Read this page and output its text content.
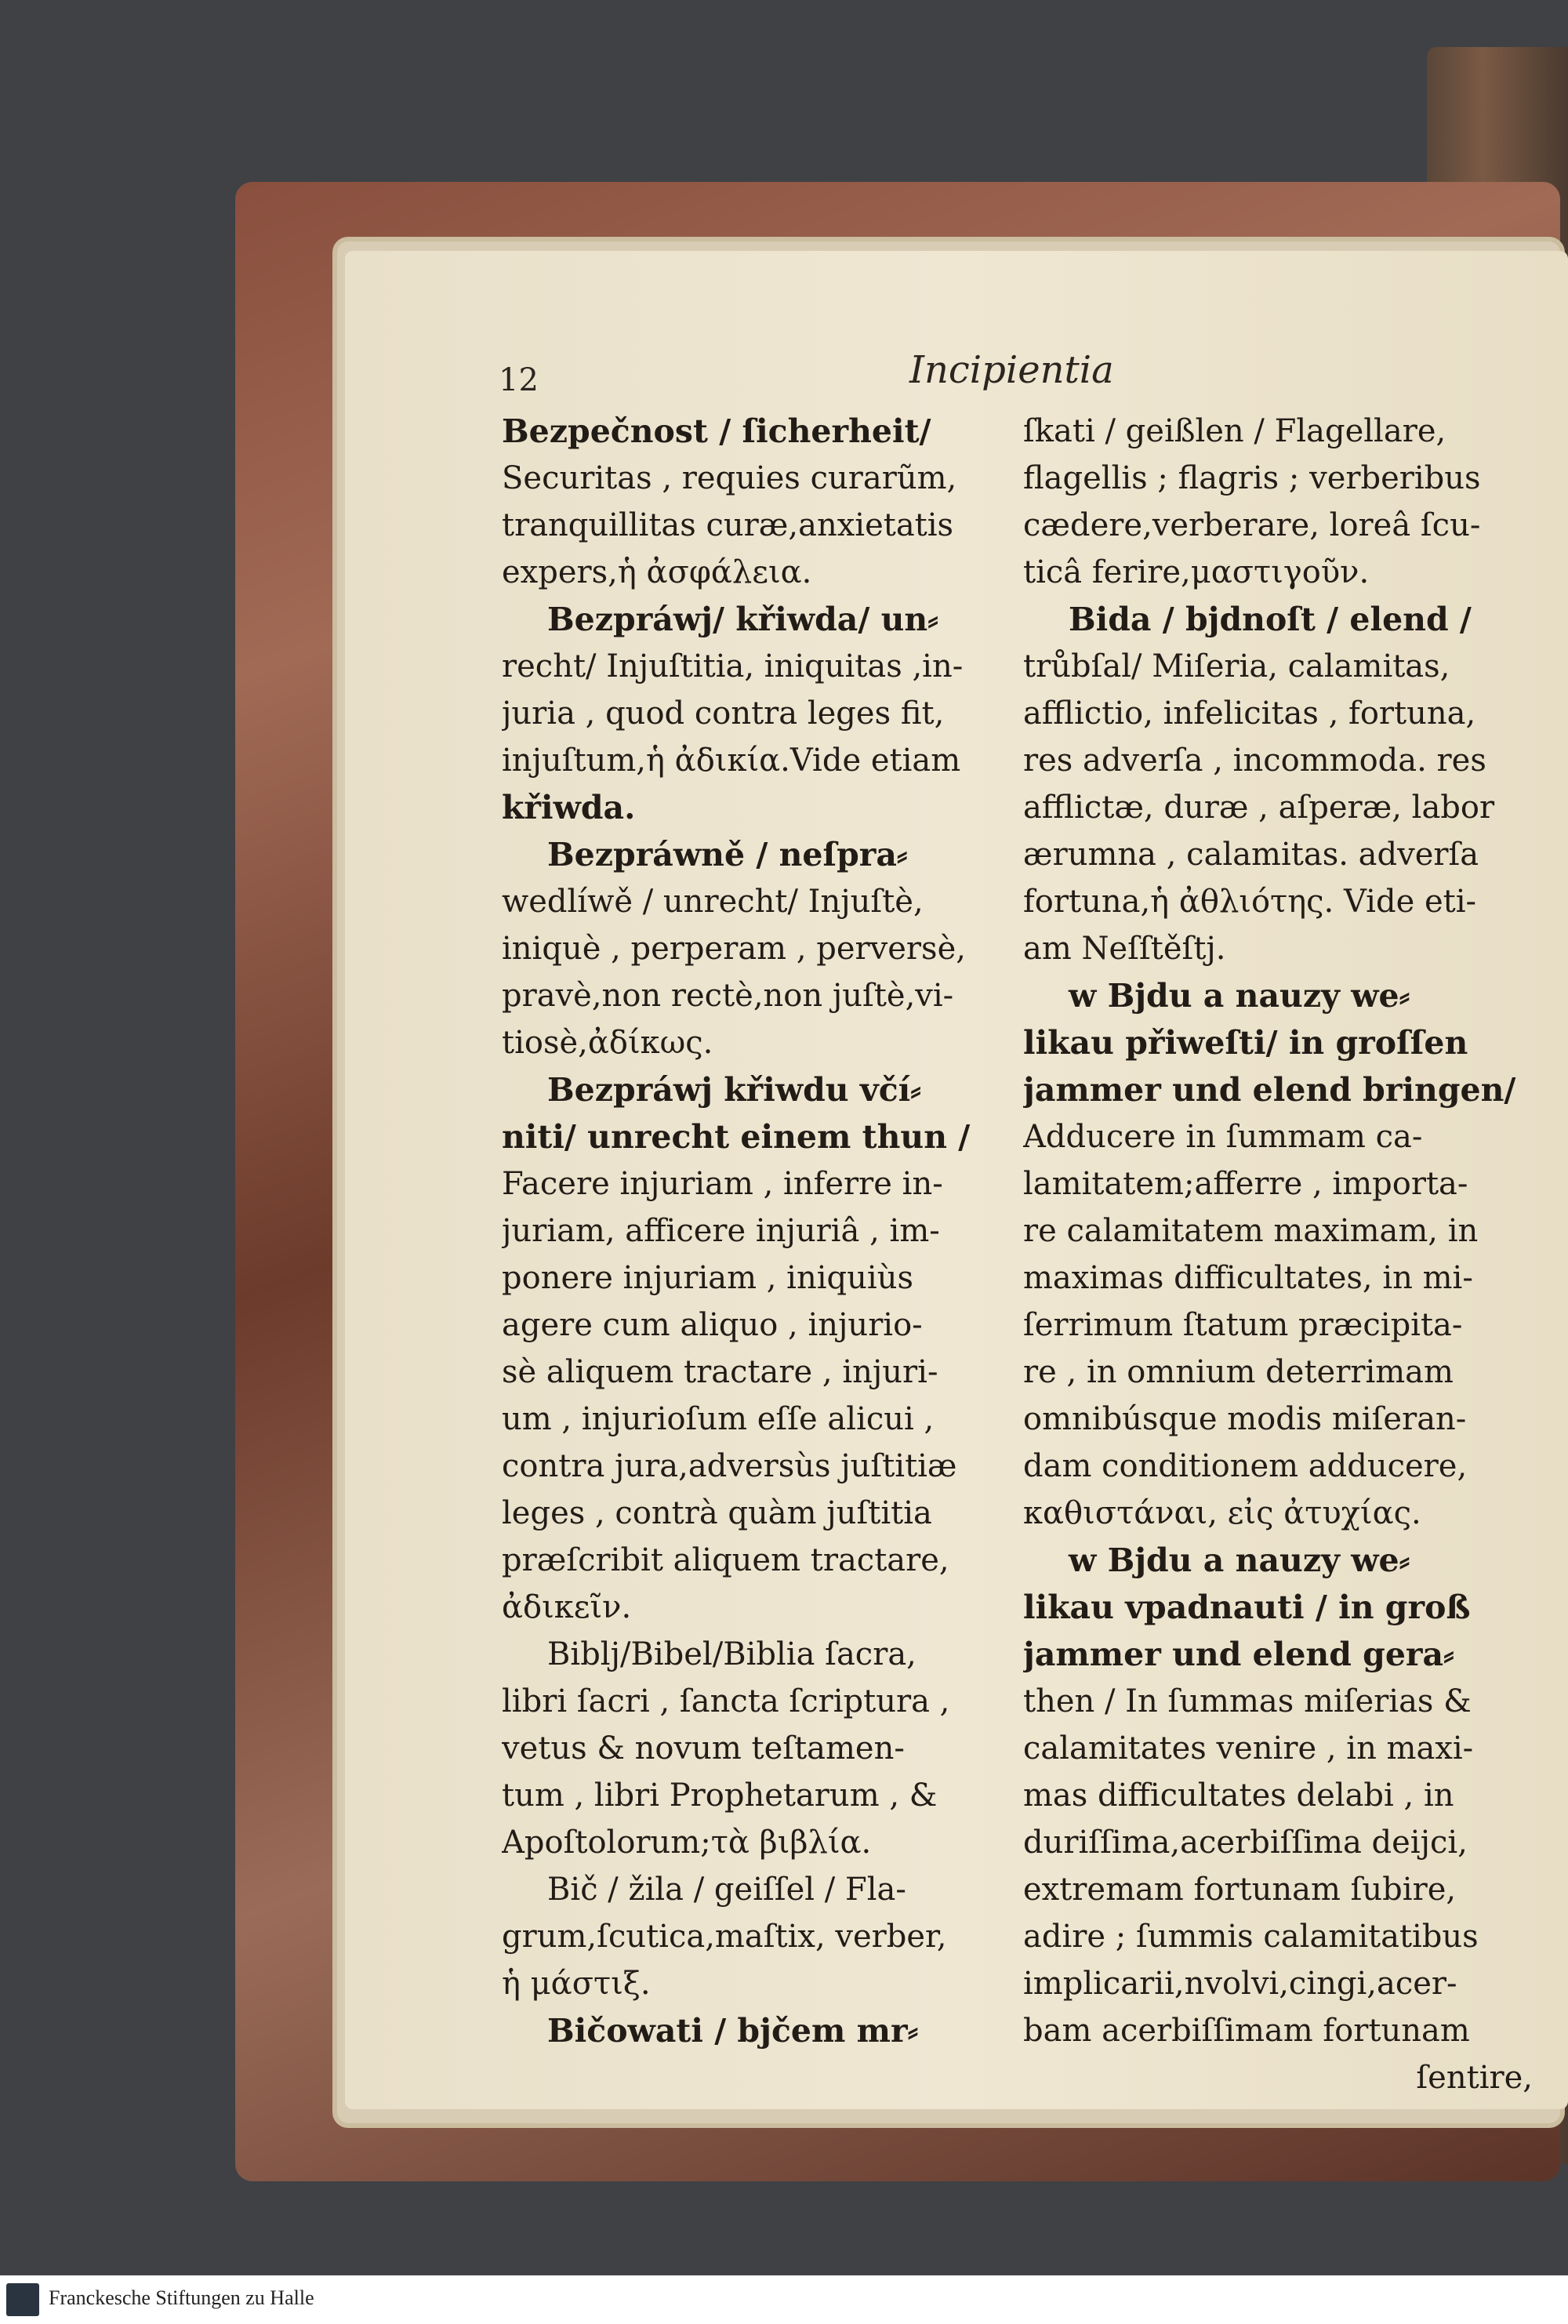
12	Incipientia
Bezpečnost / ſicherheit/
Securitas , requies curarũm,
tranquillitas curæ,anxietatis
expers,ἡ ἀσφάλεια.
Bezpráwj/ křiwda/ un⸗
recht/ Injuſtitia, iniquitas ,in-
juria , quod contra leges fit,
injuſtum,ἡ ἀδικία.Vide etiam
křiwda.
Bezpráwně / neſpra⸗
wedlíwě / unrecht/ Injuſtè,
iniquè , perperam , perversè,
pravè,non rectè,non juſtè,vi-
tiosè,ἀδίκως.
Bezpráwj křiwdu včí⸗
niti/ unrecht einem thun /
Facere injuriam , inferre in-
juriam, afficere injuriâ , im-
ponere injuriam , iniquiùs
agere cum aliquo , injurio-
sè aliquem tractare , injuri-
um , injurioſum eſſe alicui ,
contra jura,adversùs juſtitiæ
leges , contrà quàm juſtitia
præſcribit aliquem tractare,
ἀδικεῖν.
Biblj/Bibel/Biblia ſacra,
libri ſacri , ſancta ſcriptura ,
vetus & novum teſtamen-
tum , libri Prophetarum , &
Apoſtolorum;τὰ βιβλία.
Bič / žila / geiſſel / Fla-
grum,ſcutica,maſtix, verber,
ἡ μάστιξ.
Bičowati / bjčem mr⸗
ſkati / geißlen / Flagellare,
flagellis ; flagris ; verberibus
cædere,verberare, loreâ ſcu-
ticâ ferire,μαστιγοῦν.
Bida / bjdnoſt / elend /
trůbſal/ Miſeria, calamitas,
afflictio, infelicitas , fortuna,
res adverſa , incommoda. res
afflictæ, duræ , aſperæ, labor
ærumna , calamitas. adverſa
fortuna,ἡ ἀθλιότης. Vide eti-
am Neſſtěſtj.
w Bjdu a nauzy we⸗
likau přiweſti/ in groſſen
jammer und elend bringen/
Adducere in ſummam ca-
lamitatem;afferre , importa-
re calamitatem maximam, in
maximas difficultates, in mi-
ſerrimum ſtatum præcipita-
re , in omnium deterrimam
omnibúsque modis miſeran-
dam conditionem adducere,
καθιστάναι, εἰς ἀτυχίας.
w Bjdu a nauzy we⸗
likau vpadnauti / in groß
jammer und elend gera⸗
then / In ſummas miſerias &
calamitates venire , in maxi-
mas difficultates delabi , in
duriſſima,acerbiſſima deijci,
extremam fortunam ſubire,
adire ; ſummis calamitatibus
implicarii,nvolvi,cingi,acer-
bam acerbiſſimam fortunam
ſentire,
Franckesche Stiftungen zu Halle
